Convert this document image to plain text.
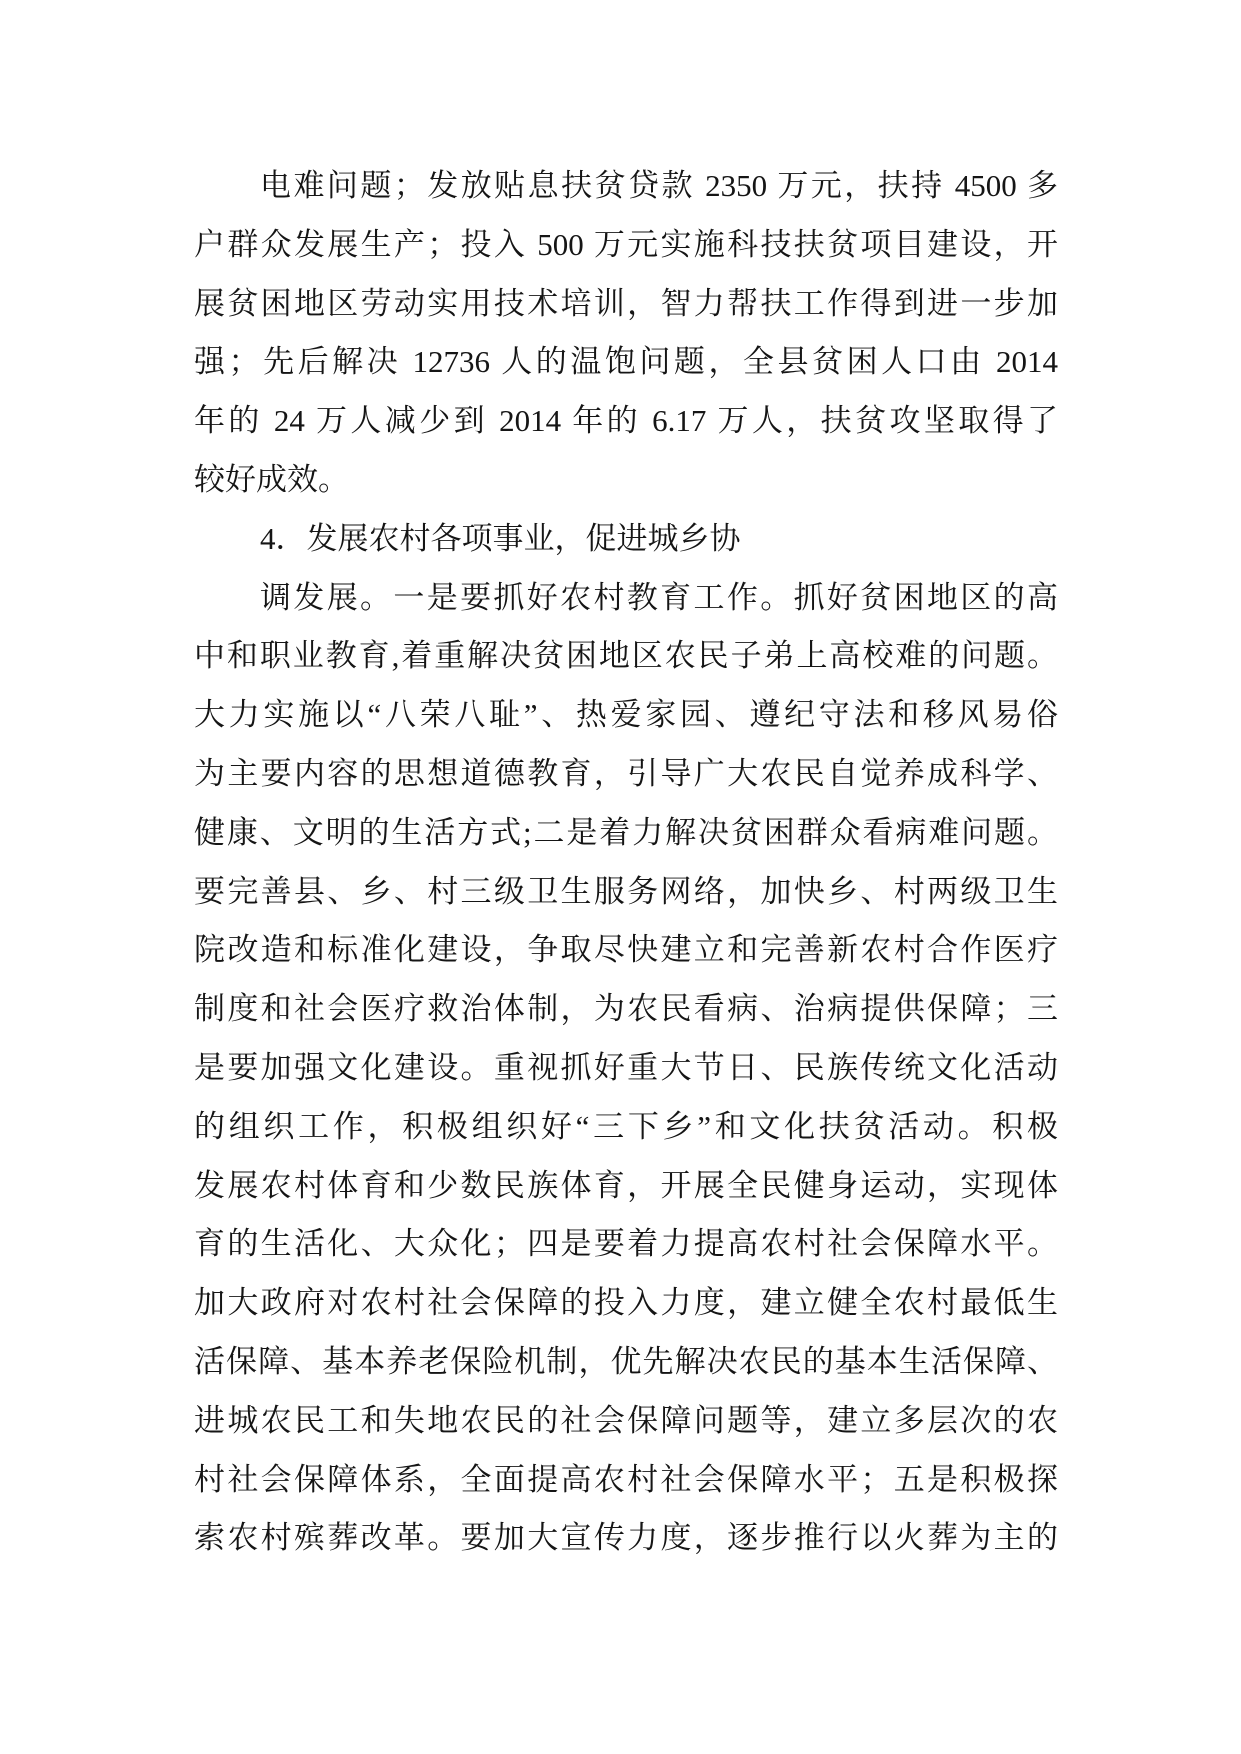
电难问题；发放贴息扶贫贷款 2350 万元，扶持 4500 多
户群众发展生产；投入 500 万元实施科技扶贫项目建设，开
展贫困地区劳动实用技术培训，智力帮扶工作得到进一步加
强；先后解决 12736 人的温饱问题，全县贫困人口由 2014
年的 24 万人减少到 2014 年的 6.17 万人，扶贫攻坚取得了
较好成效。
4．发展农村各项事业，促进城乡协
调发展。一是要抓好农村教育工作。抓好贫困地区的高
中和职业教育,着重解决贫困地区农民子弟上高校难的问题。
大力实施以“八荣八耻”、热爱家园、遵纪守法和移风易俗
为主要内容的思想道德教育，引导广大农民自觉养成科学、
健康、文明的生活方式;二是着力解决贫困群众看病难问题。
要完善县、乡、村三级卫生服务网络，加快乡、村两级卫生
院改造和标准化建设，争取尽快建立和完善新农村合作医疗
制度和社会医疗救治体制，为农民看病、治病提供保障；三
是要加强文化建设。重视抓好重大节日、民族传统文化活动
的组织工作，积极组织好“三下乡”和文化扶贫活动。积极
发展农村体育和少数民族体育，开展全民健身运动，实现体
育的生活化、大众化；四是要着力提高农村社会保障水平。
加大政府对农村社会保障的投入力度，建立健全农村最低生
活保障、基本养老保险机制，优先解决农民的基本生活保障、
进城农民工和失地农民的社会保障问题等，建立多层次的农
村社会保障体系，全面提高农村社会保障水平；五是积极探
索农村殡葬改革。要加大宣传力度，逐步推行以火葬为主的
